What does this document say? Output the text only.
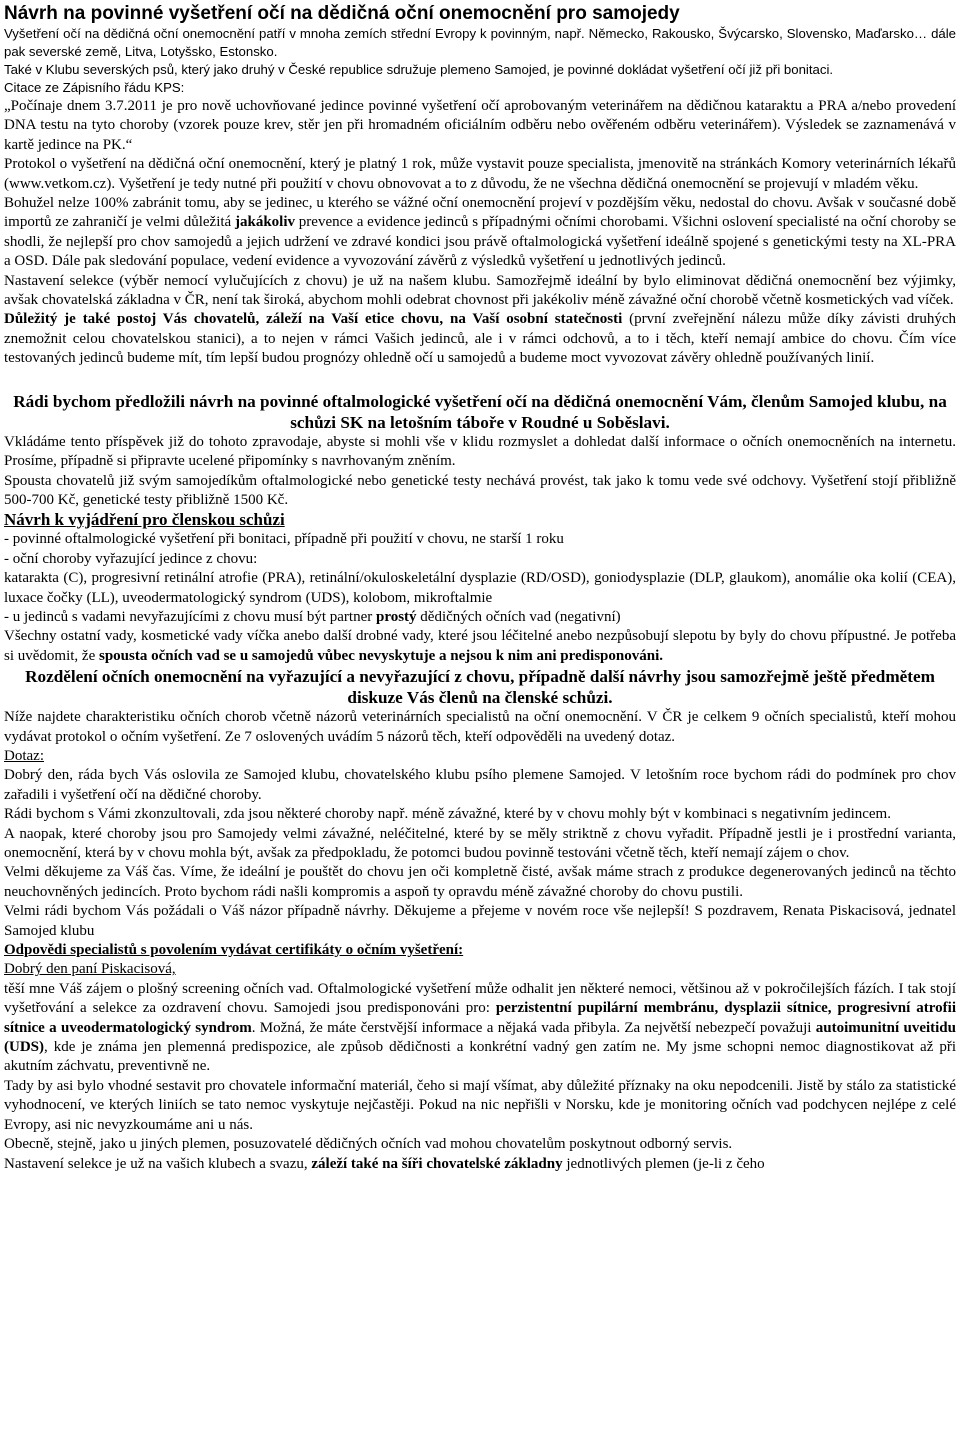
Návrh na povinné vyšetření očí na dědičná oční onemocnění pro samojedy

Vyšetření očí na dědičná oční onemocnění patří v mnoha zemích střední Evropy k povinným, např. Německo, Rakousko, Švýcarsko, Slovensko, Maďarsko… dále pak severské země, Litva, Lotyšsko, Estonsko.

Také v Klubu severských psů, který jako druhý v České republice sdružuje plemeno Samojed, je povinné dokládat vyšetření očí již při bonitaci.

Citace ze Zápisního řádu KPS:

„Počínaje dnem 3.7.2011 je pro nově uchovňované jedince povinné vyšetření očí aprobovaným veterinářem na dědičnou kataraktu a PRA a/nebo provedení DNA testu na tyto choroby (vzorek pouze krev, stěr jen při hromadném oficiálním odběru nebo ověřeném odběru veterinářem). Výsledek se zaznamenává v kartě jedince na PK.“

Protokol o vyšetření na dědičná oční onemocnění, který je platný 1 rok, může vystavit pouze specialista, jmenovitě na stránkách Komory veterinárních lékařů (www.vetkom.cz). Vyšetření je tedy nutné při použití v chovu obnovovat a to z důvodu, že ne všechna dědičná onemocnění se projevují v mladém věku.

Bohužel nelze 100% zabránit tomu, aby se jedinec, u kterého se vážné oční onemocnění projeví v pozdějším věku, nedostal do chovu. Avšak v současné době importů ze zahraničí je velmi důležitá jakákoliv prevence a evidence jedinců s případnými očními chorobami. Všichni oslovení specialisté na oční choroby se shodli, že nejlepší pro chov samojedů a jejich udržení ve zdravé kondici jsou právě oftalmologická vyšetření ideálně spojené s genetickými testy na XL-PRA a OSD. Dále pak sledování populace, vedení evidence a vyvozování závěrů z výsledků vyšetření u jednotlivých jedinců.

Nastavení selekce (výběr nemocí vylučujících z chovu) je už na našem klubu. Samozřejmě ideální by bylo eliminovat dědičná onemocnění bez výjimky, avšak chovatelská základna v ČR, není tak široká, abychom mohli odebrat chovnost při jakékoliv méně závažné oční chorobě včetně kosmetických vad víček.

Důležitý je také postoj Vás chovatelů, záleží na Vaší etice chovu, na Vaší osobní statečnosti (první zveřejnění nálezu může díky závisti druhých znemožnit celou chovatelskou stanici), a to nejen v rámci Vašich jedinců, ale i v rámci odchovů, a to i těch, kteří nemají ambice do chovu. Čím více testovaných jedinců budeme mít, tím lepší budou prognózy ohledně očí u samojedů a budeme moct vyvozovat závěry ohledně používaných linií.

Rádi bychom předložili návrh na povinné oftalmologické vyšetření očí na dědičná onemocnění Vám, členům Samojed klubu, na schůzi SK na letošním táboře v Roudné u Soběslavi.

Vkládáme tento příspěvek již do tohoto zpravodaje, abyste si mohli vše v klidu rozmyslet a dohledat další informace o očních onemocněních na internetu. Prosíme, případně si připravte ucelené připomínky s navrhovaným zněním.

Spousta chovatelů již svým samojedíkům oftalmologické nebo genetické testy nechává provést, tak jako k tomu vede své odchovy. Vyšetření stojí přibližně 500-700 Kč, genetické testy přibližně 1500 Kč.

Návrh k vyjádření pro členskou schůzi

- povinné oftalmologické vyšetření při bonitaci, případně při použití v chovu, ne starší 1 roku

- oční choroby vyřazující jedince z chovu:

katarakta (C), progresivní retinální atrofie (PRA), retinální/okuloskeletální dysplazie (RD/OSD), goniodysplazie (DLP, glaukom), anomálie oka kolií (CEA), luxace čočky (LL), uveodermatologický syndrom (UDS), kolobom, mikroftalmie

- u jedinců s vadami nevyřazujícími z chovu musí být partner prostý dědičných očních vad (negativní)

Všechny ostatní vady, kosmetické vady víčka anebo další drobné vady, které jsou léčitelné anebo nezpůsobují slepotu by byly do chovu přípustné. Je potřeba si uvědomit, že spousta očních vad se u samojedů vůbec nevyskytuje a nejsou k nim ani predisponováni.

Rozdělení očních onemocnění na vyřazující a nevyřazující z chovu, případně další návrhy jsou samozřejmě ještě předmětem diskuze Vás členů na členské schůzi.

Níže najdete charakteristiku očních chorob včetně názorů veterinárních specialistů na oční onemocnění. V ČR je celkem 9 očních specialistů, kteří mohou vydávat protokol o očním vyšetření. Ze 7 oslovených uvádím 5 názorů těch, kteří odpověděli na uvedený dotaz.

Dotaz:

Dobrý den, ráda bych Vás oslovila ze Samojed klubu, chovatelského klubu psího plemene Samojed. V letošním roce bychom rádi do podmínek pro chov zařadili i vyšetření očí na dědičné choroby.

Rádi bychom s Vámi zkonzultovali, zda jsou některé choroby např. méně závažné, které by v chovu mohly být v kombinaci s negativním jedincem.

A naopak, které choroby jsou pro Samojedy velmi závažné, neléčitelné, které by se měly striktně z chovu vyřadit. Případně jestli je i prostřední varianta, onemocnění, která by v chovu mohla být, avšak za předpokladu, že potomci budou povinně testováni včetně těch, kteří nemají zájem o chov.

Velmi děkujeme za Váš čas. Víme, že ideální je pouštět do chovu jen oči kompletně čisté, avšak máme strach z produkce degenerovaných jedinců na těchto neuchovněných jedincích. Proto bychom rádi našli kompromis a aspoň ty opravdu méně závažné choroby do chovu pustili.

Velmi rádi bychom Vás požádali o Váš názor případně návrhy. Děkujeme a přejeme v novém roce vše nejlepší! S pozdravem, Renata Piskacisová, jednatel Samojed klubu

Odpovědi specialistů s povolením vydávat certifikáty o očním vyšetření:

Dobrý den paní Piskacisová,

těší mne Váš zájem o plošný screening očních vad. Oftalmologické vyšetření může odhalit jen některé nemoci, většinou až v pokročilejších fázích. I tak stojí vyšetřování a selekce za ozdravení chovu. Samojedi jsou predisponováni pro: perzistentní pupilární membránu, dysplazii sítnice, progresivní atrofii sítnice a uveodermatologický syndrom. Možná, že máte čerstvější informace a nějaká vada přibyla. Za největší nebezpečí považuji autoimunitní uveitidu (UDS), kde je známa jen plemenná predispozice, ale způsob dědičnosti a konkrétní vadný gen zatím ne. My jsme schopni nemoc diagnostikovat až při akutním záchvatu, preventivně ne.

Tady by asi bylo vhodné sestavit pro chovatele informační materiál, čeho si mají všímat, aby důležité příznaky na oku nepodcenili. Jistě by stálo za statistické vyhodnocení, ve kterých liniích se tato nemoc vyskytuje nejčastěji. Pokud na nic nepřišli v Norsku, kde je monitoring očních vad podchycen nejlépe z celé Evropy, asi nic nevyzkoumáme ani u nás.

Obecně, stejně, jako u jiných plemen, posuzovatelé dědičných očních vad mohou chovatelům poskytnout odborný servis.

Nastavení selekce je už na vašich klubech a svazu, záleží také na šíři chovatelské základny jednotlivých plemen (je-li z čeho
